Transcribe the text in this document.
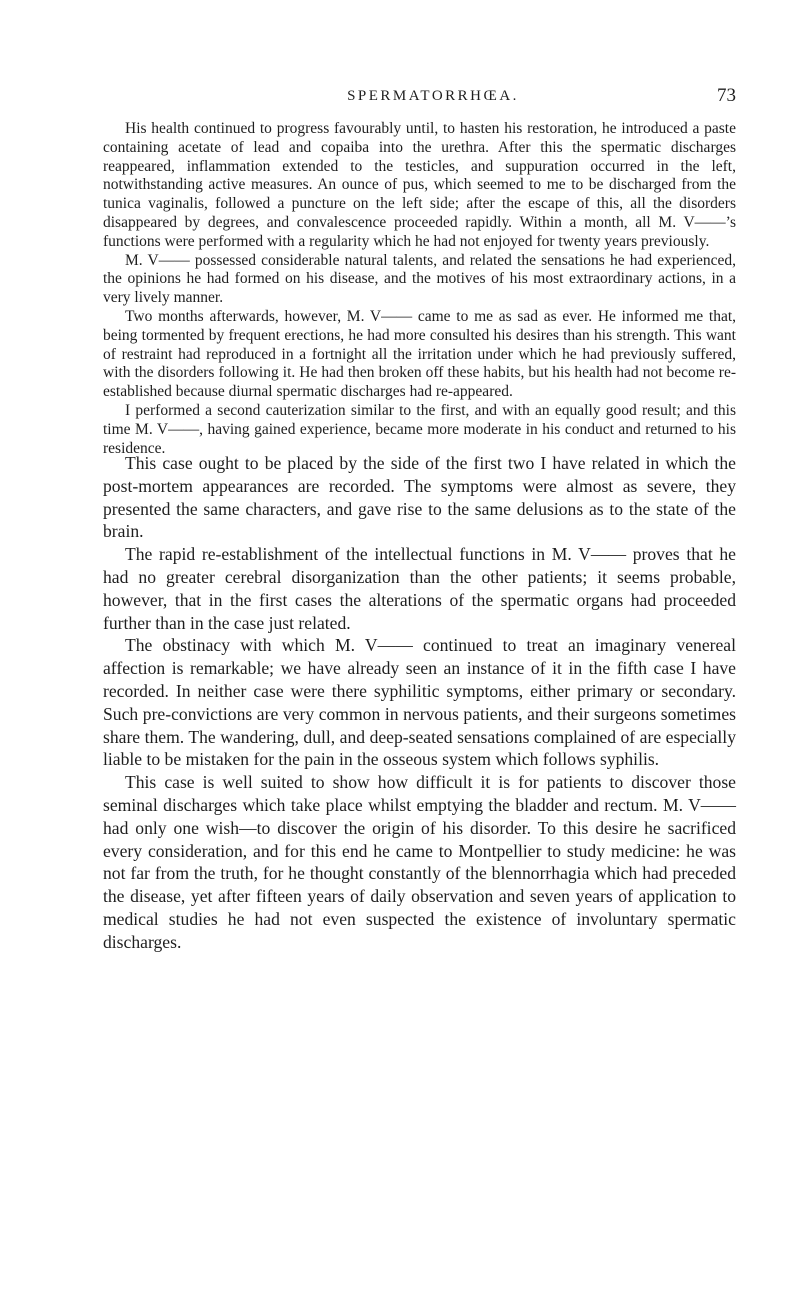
SPERMATORRHŒA.	73

His health continued to progress favourably until, to hasten his restoration, he introduced a paste containing acetate of lead and copaiba into the urethra. After this the spermatic discharges reappeared, inflammation extended to the testicles, and suppuration occurred in the left, notwithstanding active measures. An ounce of pus, which seemed to me to be discharged from the tunica vaginalis, followed a puncture on the left side; after the escape of this, all the disorders disappeared by degrees, and convalescence proceeded rapidly. Within a month, all M. V——’s functions were performed with a regularity which he had not enjoyed for twenty years previously.

M. V—— possessed considerable natural talents, and related the sensations he had experienced, the opinions he had formed on his disease, and the motives of his most extraordinary actions, in a very lively manner.

Two months afterwards, however, M. V—— came to me as sad as ever. He informed me that, being tormented by frequent erections, he had more consulted his desires than his strength. This want of restraint had reproduced in a fortnight all the irritation under which he had previously suffered, with the disorders following it. He had then broken off these habits, but his health had not become re-established because diurnal spermatic discharges had re-appeared.

I performed a second cauterization similar to the first, and with an equally good result; and this time M. V——, having gained experience, became more moderate in his conduct and returned to his residence.

This case ought to be placed by the side of the first two I have related in which the post-mortem appearances are recorded. The symptoms were almost as severe, they presented the same characters, and gave rise to the same delusions as to the state of the brain.

The rapid re-establishment of the intellectual functions in M. V—— proves that he had no greater cerebral disorganization than the other patients; it seems probable, however, that in the first cases the alterations of the spermatic organs had proceeded further than in the case just related.

The obstinacy with which M. V—— continued to treat an imaginary venereal affection is remarkable; we have already seen an instance of it in the fifth case I have recorded. In neither case were there syphilitic symptoms, either primary or secondary. Such pre-convictions are very common in nervous patients, and their surgeons sometimes share them. The wandering, dull, and deep-seated sensations complained of are especially liable to be mistaken for the pain in the osseous system which follows syphilis.

This case is well suited to show how difficult it is for patients to discover those seminal discharges which take place whilst emptying the bladder and rectum. M. V—— had only one wish—to discover the origin of his disorder. To this desire he sacrificed every consideration, and for this end he came to Montpellier to study medicine: he was not far from the truth, for he thought constantly of the blennorrhagia which had preceded the disease, yet after fifteen years of daily observation and seven years of application to medical studies he had not even suspected the existence of involuntary spermatic discharges.
